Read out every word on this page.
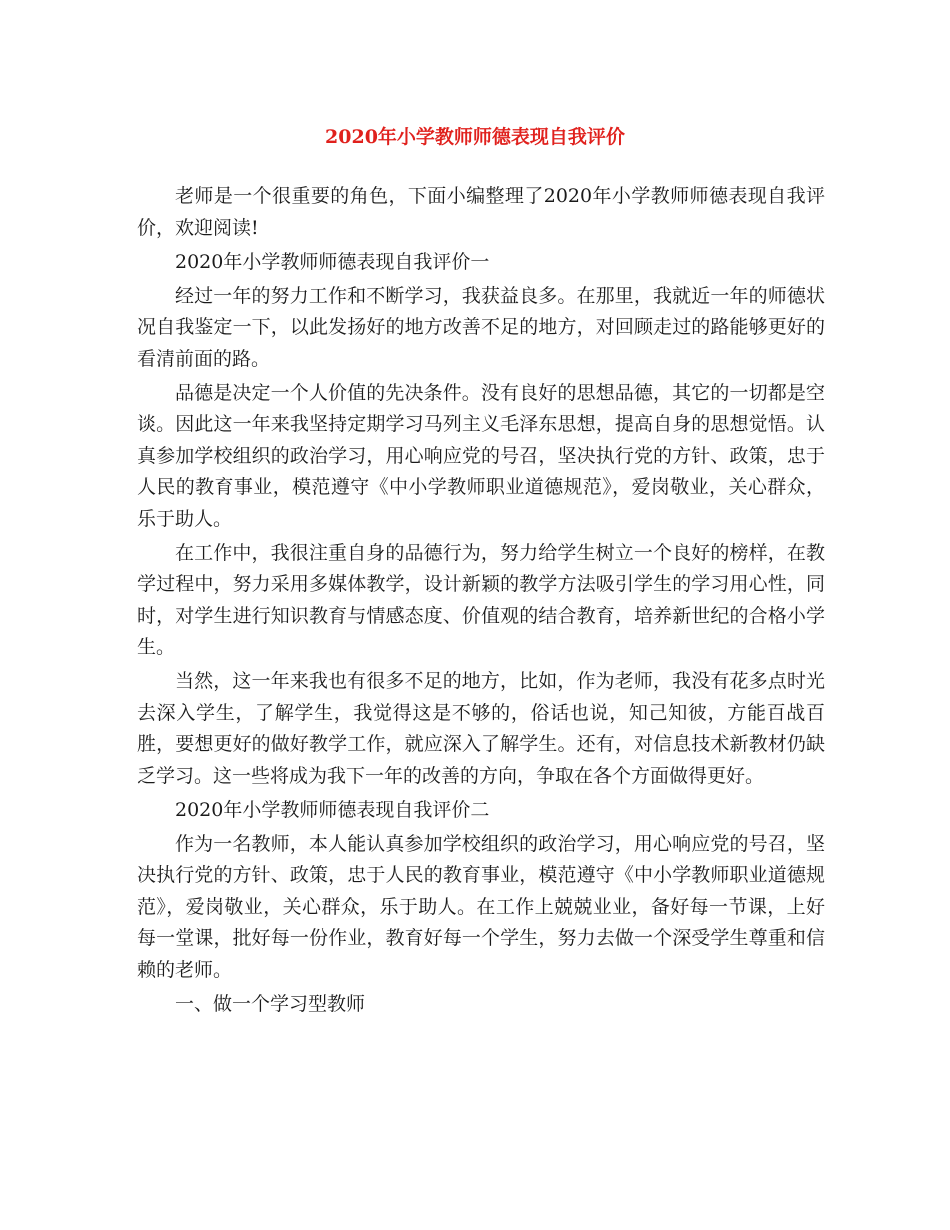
2020年小学教师师德表现自我评价

老师是一个很重要的角色，下面小编整理了2020年小学教师师德表现自我评价，欢迎阅读!

2020年小学教师师德表现自我评价一

经过一年的努力工作和不断学习，我获益良多。在那里，我就近一年的师德状况自我鉴定一下，以此发扬好的地方改善不足的地方，对回顾走过的路能够更好的看清前面的路。

品德是决定一个人价值的先决条件。没有良好的思想品德，其它的一切都是空谈。因此这一年来我坚持定期学习马列主义毛泽东思想，提高自身的思想觉悟。认真参加学校组织的政治学习，用心响应党的号召，坚决执行党的方针、政策，忠于人民的教育事业，模范遵守《中小学教师职业道德规范》，爱岗敬业，关心群众，乐于助人。

在工作中，我很注重自身的品德行为，努力给学生树立一个良好的榜样，在教学过程中，努力采用多媒体教学，设计新颖的教学方法吸引学生的学习用心性，同时，对学生进行知识教育与情感态度、价值观的结合教育，培养新世纪的合格小学生。

当然，这一年来我也有很多不足的地方，比如，作为老师，我没有花多点时光去深入学生，了解学生，我觉得这是不够的，俗话也说，知己知彼，方能百战百胜，要想更好的做好教学工作，就应深入了解学生。还有，对信息技术新教材仍缺乏学习。这一些将成为我下一年的改善的方向，争取在各个方面做得更好。

2020年小学教师师德表现自我评价二

作为一名教师，本人能认真参加学校组织的政治学习，用心响应党的号召，坚决执行党的方针、政策，忠于人民的教育事业，模范遵守《中小学教师职业道德规范》，爱岗敬业，关心群众，乐于助人。在工作上兢兢业业，备好每一节课，上好每一堂课，批好每一份作业，教育好每一个学生，努力去做一个深受学生尊重和信赖的老师。

一、做一个学习型教师
